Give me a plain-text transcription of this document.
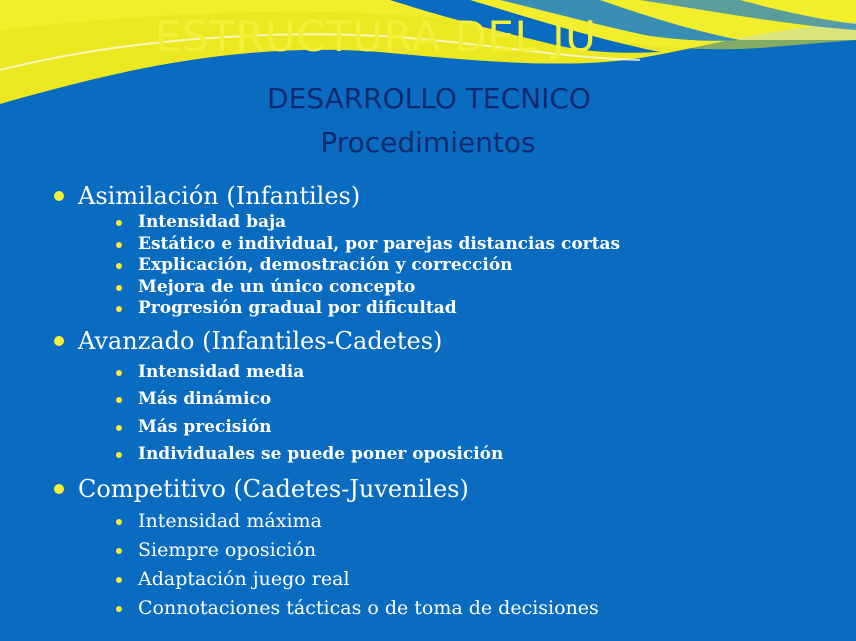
ESTRUCTURA DEL JU
DESARROLLO TECNICO
Procedimientos
Asimilación (Infantiles)
Intensidad baja
Estático e individual, por parejas distancias cortas
Explicación, demostración y corrección
Mejora de un único concepto
Progresión gradual por dificultad
Avanzado (Infantiles-Cadetes)
Intensidad media
Más dinámico
Más precisión
Individuales se puede poner oposición
Competitivo (Cadetes-Juveniles)
Intensidad máxima
Siempre oposición
Adaptación juego real
Connotaciones tácticas o de toma de decisiones
